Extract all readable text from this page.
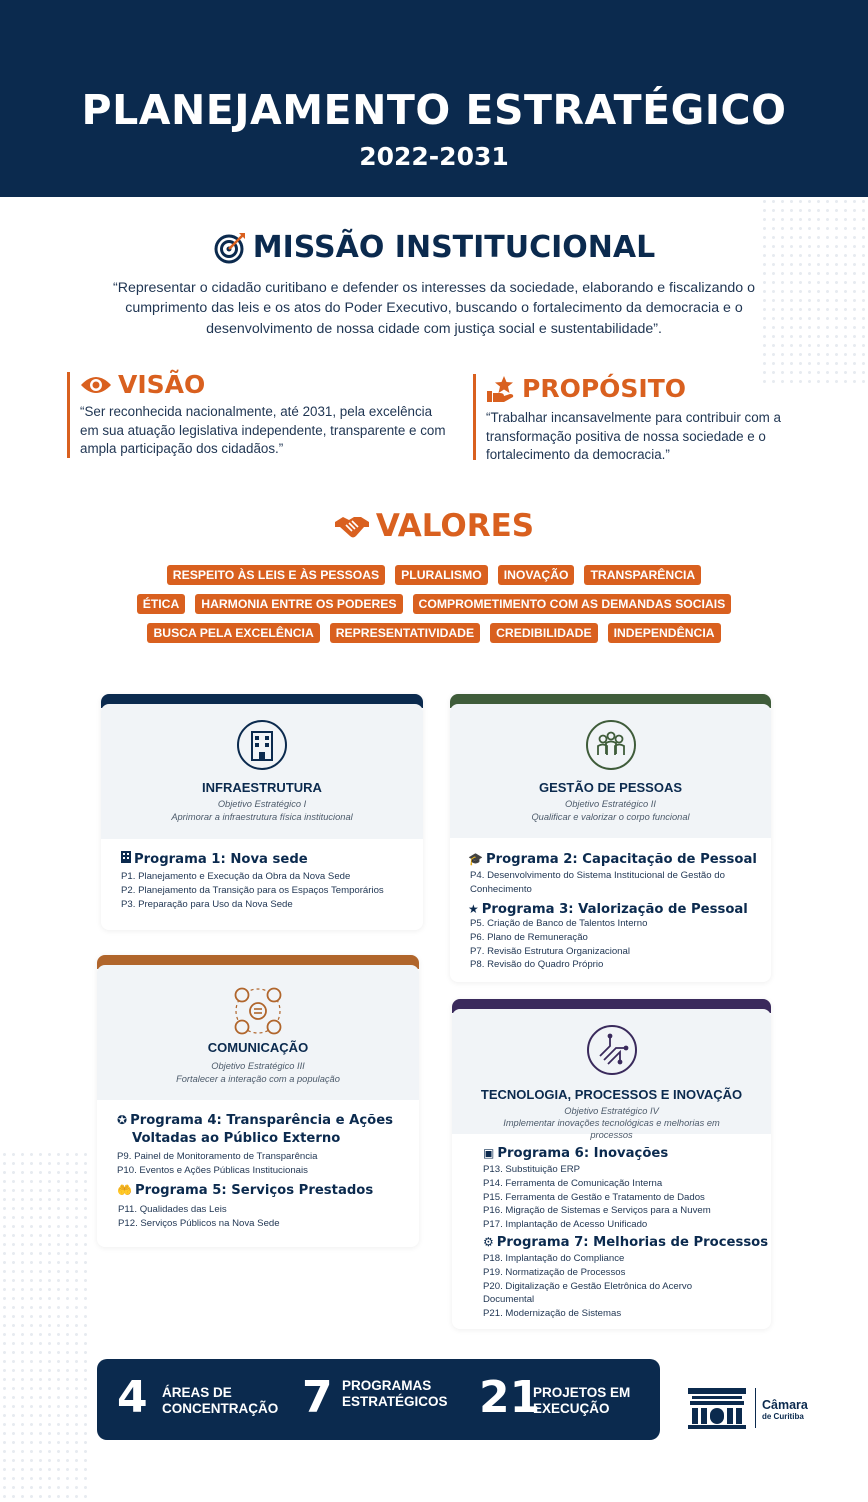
PLANEJAMENTO ESTRATÉGICO
2022-2031
MISSÃO INSTITUCIONAL

“Representar o cidadão curitibano e defender os interesses da sociedade, elaborando e fiscalizando o cumprimento das leis e os atos do Poder Executivo, buscando o fortalecimento da democracia e o desenvolvimento de nossa cidade com justiça social e sustentabilidade”.

VISÃO

“Ser reconhecida nacionalmente, até 2031, pela excelência em sua atuação legislativa independente, transparente e com ampla participação dos cidadãos.”

PROPÓSITO

“Trabalhar incansavelmente para contribuir com a transformação positiva de nossa sociedade e o fortalecimento da democracia.”

VALORES
RESPEITO ÀS LEIS E ÀS PESSOAS	PLURALISMO	INOVAÇÃO	TRANSPARÊNCIA
ÉTICA	HARMONIA ENTRE OS PODERES	COMPROMETIMENTO COM AS DEMANDAS SOCIAIS
BUSCA PELA EXCELÊNCIA	REPRESENTATIVIDADE	CREDIBILIDADE	INDEPENDÊNCIA
INFRAESTRUTURA
Objetivo Estratégico I
Aprimorar a infraestrutura física institucional
Programa 1: Nova sede
P1. Planejamento e Execução da Obra da Nova Sede
P2. Planejamento da Transição para os Espaços Temporários
P3. Preparação para Uso da Nova Sede
GESTÃO DE PESSOAS
Objetivo Estratégico II
Qualificar e valorizar o corpo funcional
🎓 Programa 2: Capacitação de Pessoal
P4. Desenvolvimento do Sistema Institucional de Gestão do
Conhecimento
★ Programa 3: Valorização de Pessoal
P5. Criação de Banco de Talentos Interno
P6. Plano de Remuneração
P7. Revisão Estrutura Organizacional
P8. Revisão do Quadro Próprio
COMUNICAÇÃO
Objetivo Estratégico III
Fortalecer a interação com a população
✪ Programa 4: Transparência e Ações
Voltadas ao Público Externo
P9. Painel de Monitoramento de Transparência
P10. Eventos e Ações Públicas Institucionais
🤲 Programa 5: Serviços Prestados
P11. Qualidades das Leis
P12. Serviços Públicos na Nova Sede
TECNOLOGIA, PROCESSOS E INOVAÇÃO
Objetivo Estratégico IV
Implementar inovações tecnológicas e melhorias em
processos
▣ Programa 6: Inovações
P13. Substituição ERP
P14. Ferramenta de Comunicação Interna
P15. Ferramenta de Gestão e Tratamento de Dados
P16. Migração de Sistemas e Serviços para a Nuvem
P17. Implantação de Acesso Unificado
⚙ Programa 7: Melhorias de Processos
P18. Implantação do Compliance
P19. Normatização de Processos
P20. Digitalização e Gestão Eletrônica do Acervo
Documental
P21. Modernização de Sistemas
4 ÁREAS DE
CONCENTRAÇÃO 7 PROGRAMAS
ESTRATÉGICOS 21
PROJETOS EM
EXECUÇÃO	Câmara
de Curitiba
